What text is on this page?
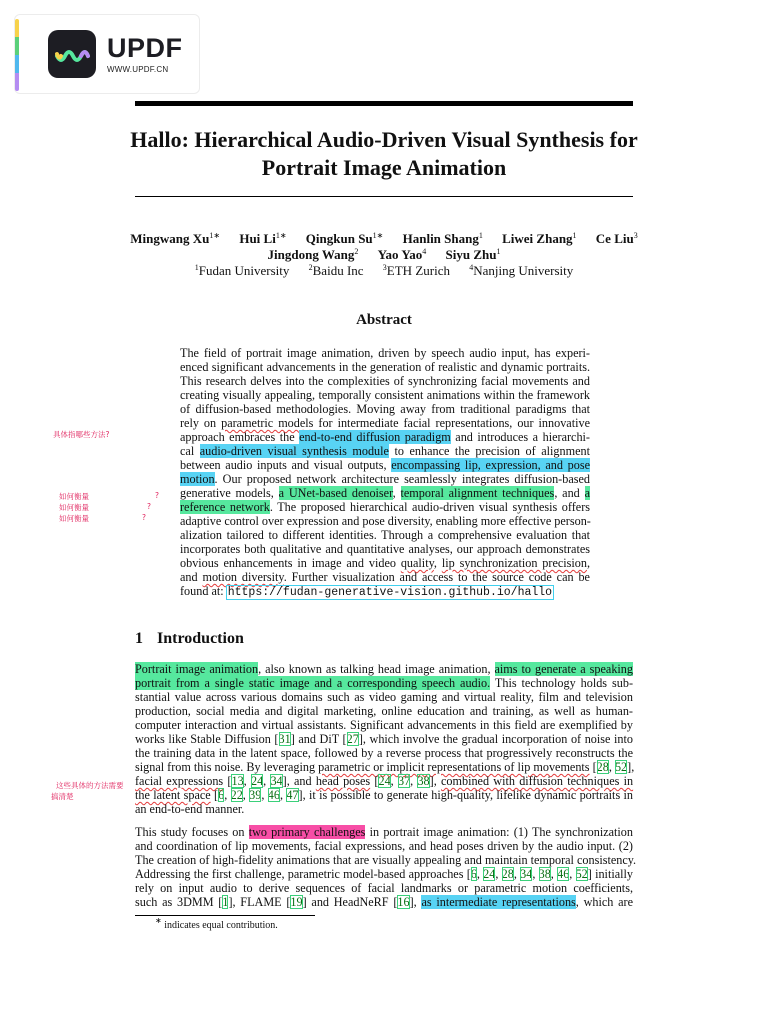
UPDF
WWW.UPDF.CN
Hallo: Hierarchical Audio-Driven Visual Synthesis for
Portrait Image Animation
Mingwang $Xu^{1∗}$ Hui $Li^{1∗}$ Qingkun $Su^{1∗}$ Hanlin Shang$^1$ Liwei Zhang$^1$ Ce Liu$^3$
Jingdong Wang$^2$ Yao Yao$^4$ Siyu Zhu$^1$
$^1$Fudan University $^2$Baidu Inc $^3$ETH Zurich $^4$Nanjing University
Abstract
The field of portrait image animation, driven by speech audio input, has experi-
enced significant advancements in the generation of realistic and dynamic portraits.
This research delves into the complexities of synchronizing facial movements and
creating visually appealing, temporally consistent animations within the framework
of diffusion-based methodologies. Moving away from traditional paradigms that
rely on parametric models for intermediate facial representations, our innovative
approach embraces the end-to-end diffusion paradigm and introduces a hierarchi-
cal audio-driven visual synthesis module to enhance the precision of alignment
between audio inputs and visual outputs, encompassing lip, expression, and pose
motion. Our proposed network architecture seamlessly integrates diffusion-based
generative models, a UNet-based denoiser, temporal alignment techniques, and a
reference network. The proposed hierarchical audio-driven visual synthesis offers
adaptive control over expression and pose diversity, enabling more effective person-
alization tailored to different identities. Through a comprehensive evaluation that
incorporates both qualitative and quantitative analyses, our approach demonstrates
obvious enhancements in image and video quality, lip synchronization precision,
and motion diversity. Further visualization and access to the source code can be
found at: https://fudan-generative-vision.github.io/hallo
具体指哪些方法?
如何衡量
如何衡量
如何衡量
?
?
?
这些具体的方法需要
搞清楚
1 Introduction
Portrait image animation, also known as talking head image animation, aims to generate a speaking
portrait from a single static image and a corresponding speech audio. This technology holds sub-
stantial value across various domains such as video gaming and virtual reality, film and television
production, social media and digital marketing, online education and training, as well as human-
computer interaction and virtual assistants. Significant advancements in this field are exemplified by
works like Stable Diffusion [31] and DiT [27], which involve the gradual incorporation of noise into
the training data in the latent space, followed by a reverse process that progressively reconstructs the
signal from this noise. By leveraging parametric or implicit representations of lip movements [28, 52],
facial expressions [13, 24, 34], and head poses [24, 37, 38], combined with diffusion techniques in
the latent space [6, 22, 39, 46, 47], it is possible to generate high-quality, lifelike dynamic portraits in
an end-to-end manner.
This study focuses on two primary challenges in portrait image animation: (1) The synchronization
and coordination of lip movements, facial expressions, and head poses driven by the audio input. (2)
The creation of high-fidelity animations that are visually appealing and maintain temporal consistency.
Addressing the first challenge, parametric model-based approaches [6, 24, 28, 34, 38, 46, 52] initially
rely on input audio to derive sequences of facial landmarks or parametric motion coefficients,
such as 3DMM [1], FLAME [19] and HeadNeRF [16], as intermediate representations, which are
∗ indicates equal contribution.
